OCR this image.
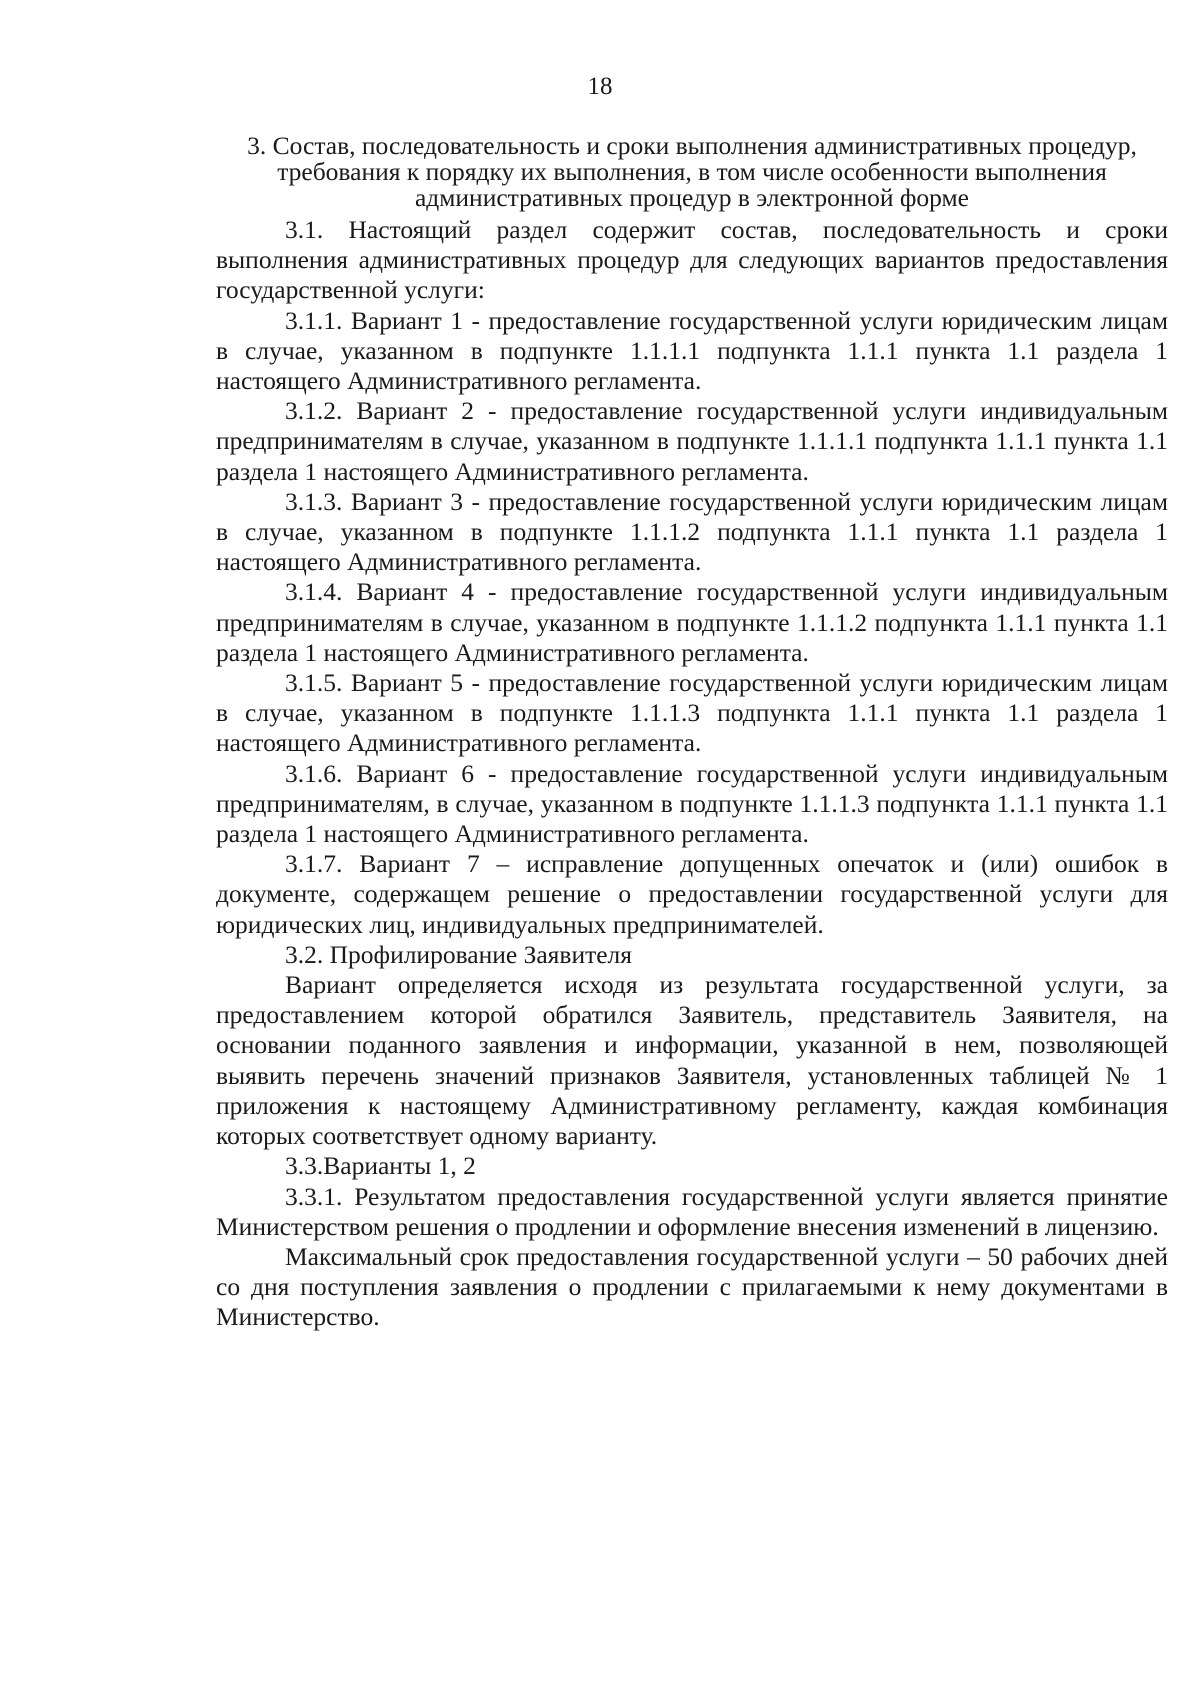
18
3. Состав, последовательность и сроки выполнения административных процедур, требования к порядку их выполнения, в том числе особенности выполнения административных процедур в электронной форме

3.1. Настоящий раздел содержит состав, последовательность и сроки выполнения административных процедур для следующих вариантов предоставления государственной услуги:

3.1.1. Вариант 1 - предоставление государственной услуги юридическим лицам в случае, указанном в подпункте 1.1.1.1 подпункта 1.1.1 пункта 1.1 раздела 1 настоящего Административного регламента.

3.1.2. Вариант 2 - предоставление государственной услуги индивидуальным предпринимателям в случае, указанном в подпункте 1.1.1.1 подпункта 1.1.1 пункта 1.1 раздела 1 настоящего Административного регламента.

3.1.3. Вариант 3 - предоставление государственной услуги юридическим лицам в случае, указанном в подпункте 1.1.1.2 подпункта 1.1.1 пункта 1.1 раздела 1 настоящего Административного регламента.

3.1.4. Вариант 4 - предоставление государственной услуги индивидуальным предпринимателям в случае, указанном в подпункте 1.1.1.2 подпункта 1.1.1 пункта 1.1 раздела 1 настоящего Административного регламента.

3.1.5. Вариант 5 - предоставление государственной услуги юридическим лицам в случае, указанном в подпункте 1.1.1.3 подпункта 1.1.1 пункта 1.1 раздела 1 настоящего Административного регламента.

3.1.6. Вариант 6 - предоставление государственной услуги индивидуальным предпринимателям, в случае, указанном в подпункте 1.1.1.3 подпункта 1.1.1 пункта 1.1 раздела 1 настоящего Административного регламента.

3.1.7. Вариант 7 – исправление допущенных опечаток и (или) ошибок в документе, содержащем решение о предоставлении государственной услуги для юридических лиц, индивидуальных предпринимателей.

3.2. Профилирование Заявителя

Вариант определяется исходя из результата государственной услуги, за предоставлением которой обратился Заявитель, представитель Заявителя, на основании поданного заявления и информации, указанной в нем, позволяющей выявить перечень значений признаков Заявителя, установленных таблицей № 1 приложения к настоящему Административному регламенту, каждая комбинация которых соответствует одному варианту.

3.3.Варианты 1, 2

3.3.1. Результатом предоставления государственной услуги является принятие Министерством решения о продлении и оформление внесения изменений в лицензию.

Максимальный срок предоставления государственной услуги – 50 рабочих дней со дня поступления заявления о продлении с прилагаемыми к нему документами в Министерство.
